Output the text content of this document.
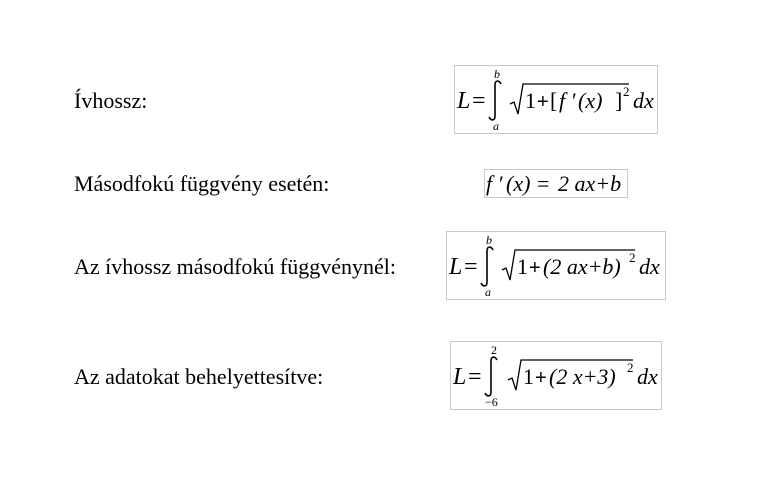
Ívhossz:	L =
b
a
1 + [ f ′ (x) ] 2 dx
Másodfokú függvény esetén:	f ′ (x) = 2 ax+b
Az ívhossz másodfokú függvénynél: L =
b
a
1 + (2 ax+b) 2 dx
Az adatokat behelyettesítve:	L =
2
−6
1 + (2 x+3) 2 dx
